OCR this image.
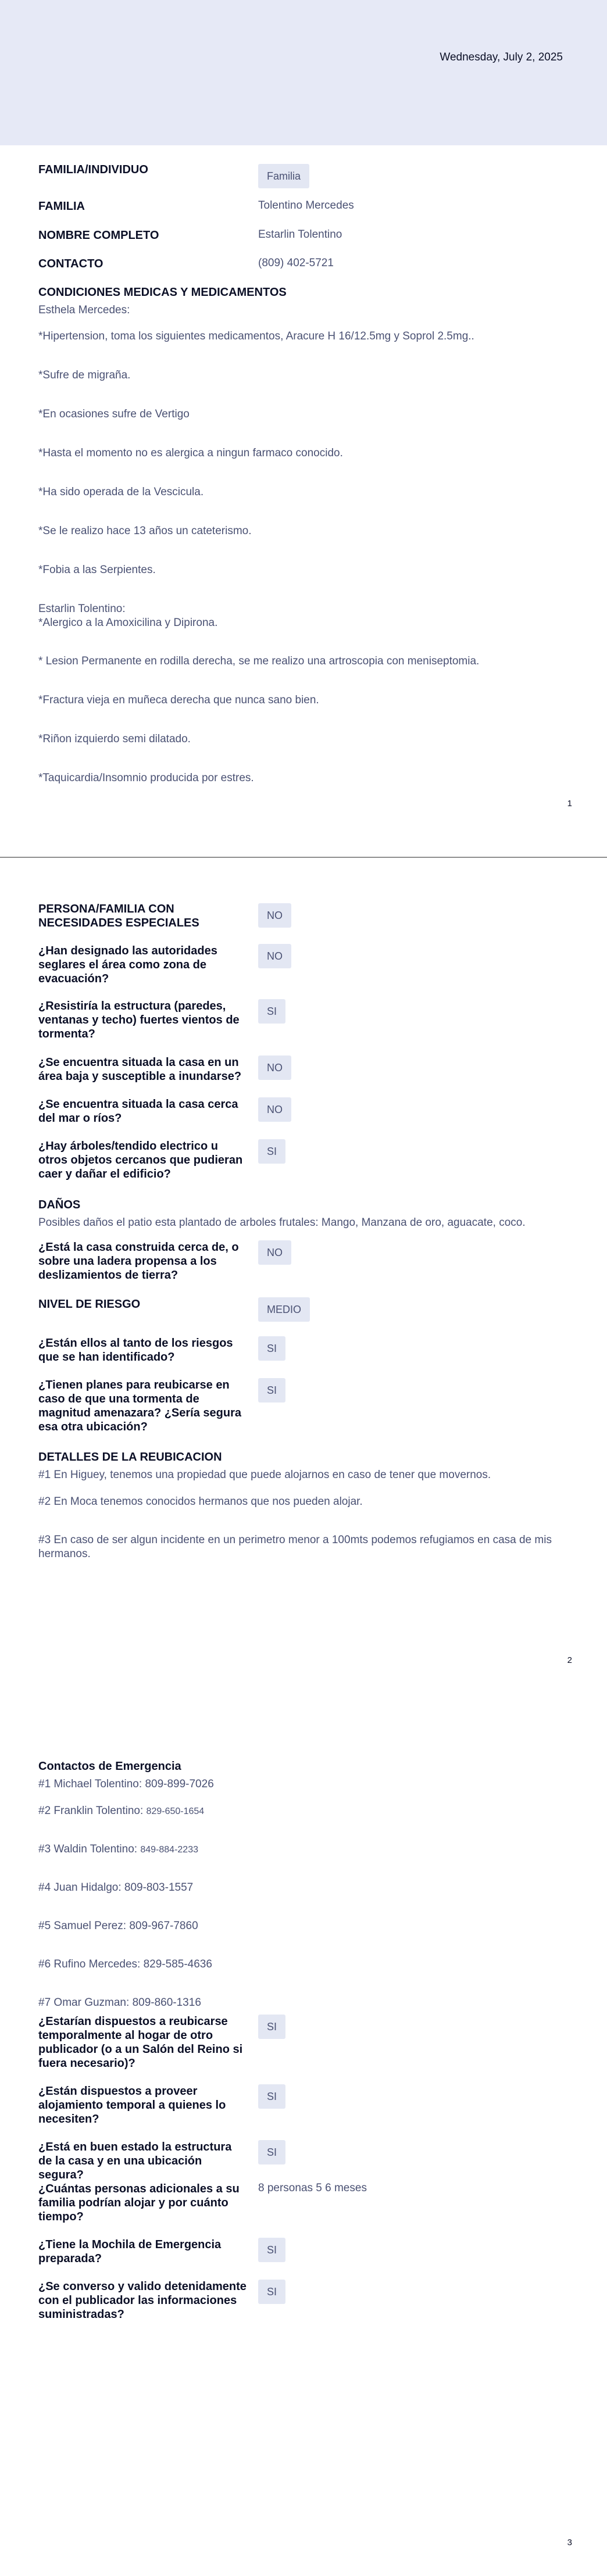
Wednesday, July 2, 2025
FAMILIA/INDIVIDUO	Familia
FAMILIA	Tolentino Mercedes
NOMBRE COMPLETO	Estarlin Tolentino
CONTACTO	(809) 402-5721
CONDICIONES MEDICAS Y MEDICAMENTOS
Esthela Mercedes:
*Hipertension, toma los siguientes medicamentos, Aracure H 16/12.5mg y Soprol 2.5mg..
*Sufre de migraña.
*En ocasiones sufre de Vertigo
*Hasta el momento no es alergica a ningun farmaco conocido.
*Ha sido operada de la Vescicula.
*Se le realizo hace 13 años un cateterismo.
*Fobia a las Serpientes.
Estarlin Tolentino:
*Alergico a la Amoxicilina y Dipirona.
* Lesion Permanente en rodilla derecha, se me realizo una artroscopia con meniseptomia.
*Fractura vieja en muñeca derecha que nunca sano bien.
*Riñon izquierdo semi dilatado.
*Taquicardia/Insomnio producida por estres.
1
PERSONA/FAMILIA CON NECESIDADES ESPECIALES
NO
¿Han designado las autoridades seglares el área como zona de evacuación?
NO
¿Resistiría la estructura (paredes, ventanas y techo) fuertes vientos de tormenta?
SI
¿Se encuentra situada la casa en un área baja y susceptible a inundarse?
NO
¿Se encuentra situada la casa cerca del mar o ríos?
NO
¿Hay árboles/tendido electrico u otros objetos cercanos que pudieran caer y dañar el edificio?
SI
DAÑOS
Posibles daños el patio esta plantado de arboles frutales: Mango, Manzana de oro, aguacate, coco.
¿Está la casa construida cerca de, o sobre una ladera propensa a los deslizamientos de tierra?
NO
NIVEL DE RIESGO	MEDIO
¿Están ellos al tanto de los riesgos que se han identificado?
SI
¿Tienen planes para reubicarse en caso de que una tormenta de magnitud amenazara? ¿Sería segura esa otra ubicación?
SI
DETALLES DE LA REUBICACION
#1 En Higuey, tenemos una propiedad que puede alojarnos en caso de tener que movernos.
#2 En Moca tenemos conocidos hermanos que nos pueden alojar.
#3 En caso de ser algun incidente en un perimetro menor a 100mts podemos refugiamos en casa de mis hermanos.
2
Contactos de Emergencia
#1 Michael Tolentino: 809-899-7026
#2 Franklin Tolentino: 829-650-1654
#3 Waldin Tolentino: 849-884-2233
#4 Juan Hidalgo: 809-803-1557
#5 Samuel Perez: 809-967-7860
#6 Rufino Mercedes: 829-585-4636
#7 Omar Guzman: 809-860-1316
¿Estarían dispuestos a reubicarse temporalmente al hogar de otro publicador (o a un Salón del Reino si fuera necesario)?
SI
¿Están dispuestos a proveer alojamiento temporal a quienes lo necesiten?
SI
¿Está en buen estado la estructura de la casa y en una ubicación segura?
SI
¿Cuántas personas adicionales a su familia podrían alojar y por cuánto tiempo?
8 personas 5 6 meses
¿Tiene la Mochila de Emergencia preparada?
SI
¿Se converso y valido detenidamente con el publicador las informaciones suministradas?
SI
3
